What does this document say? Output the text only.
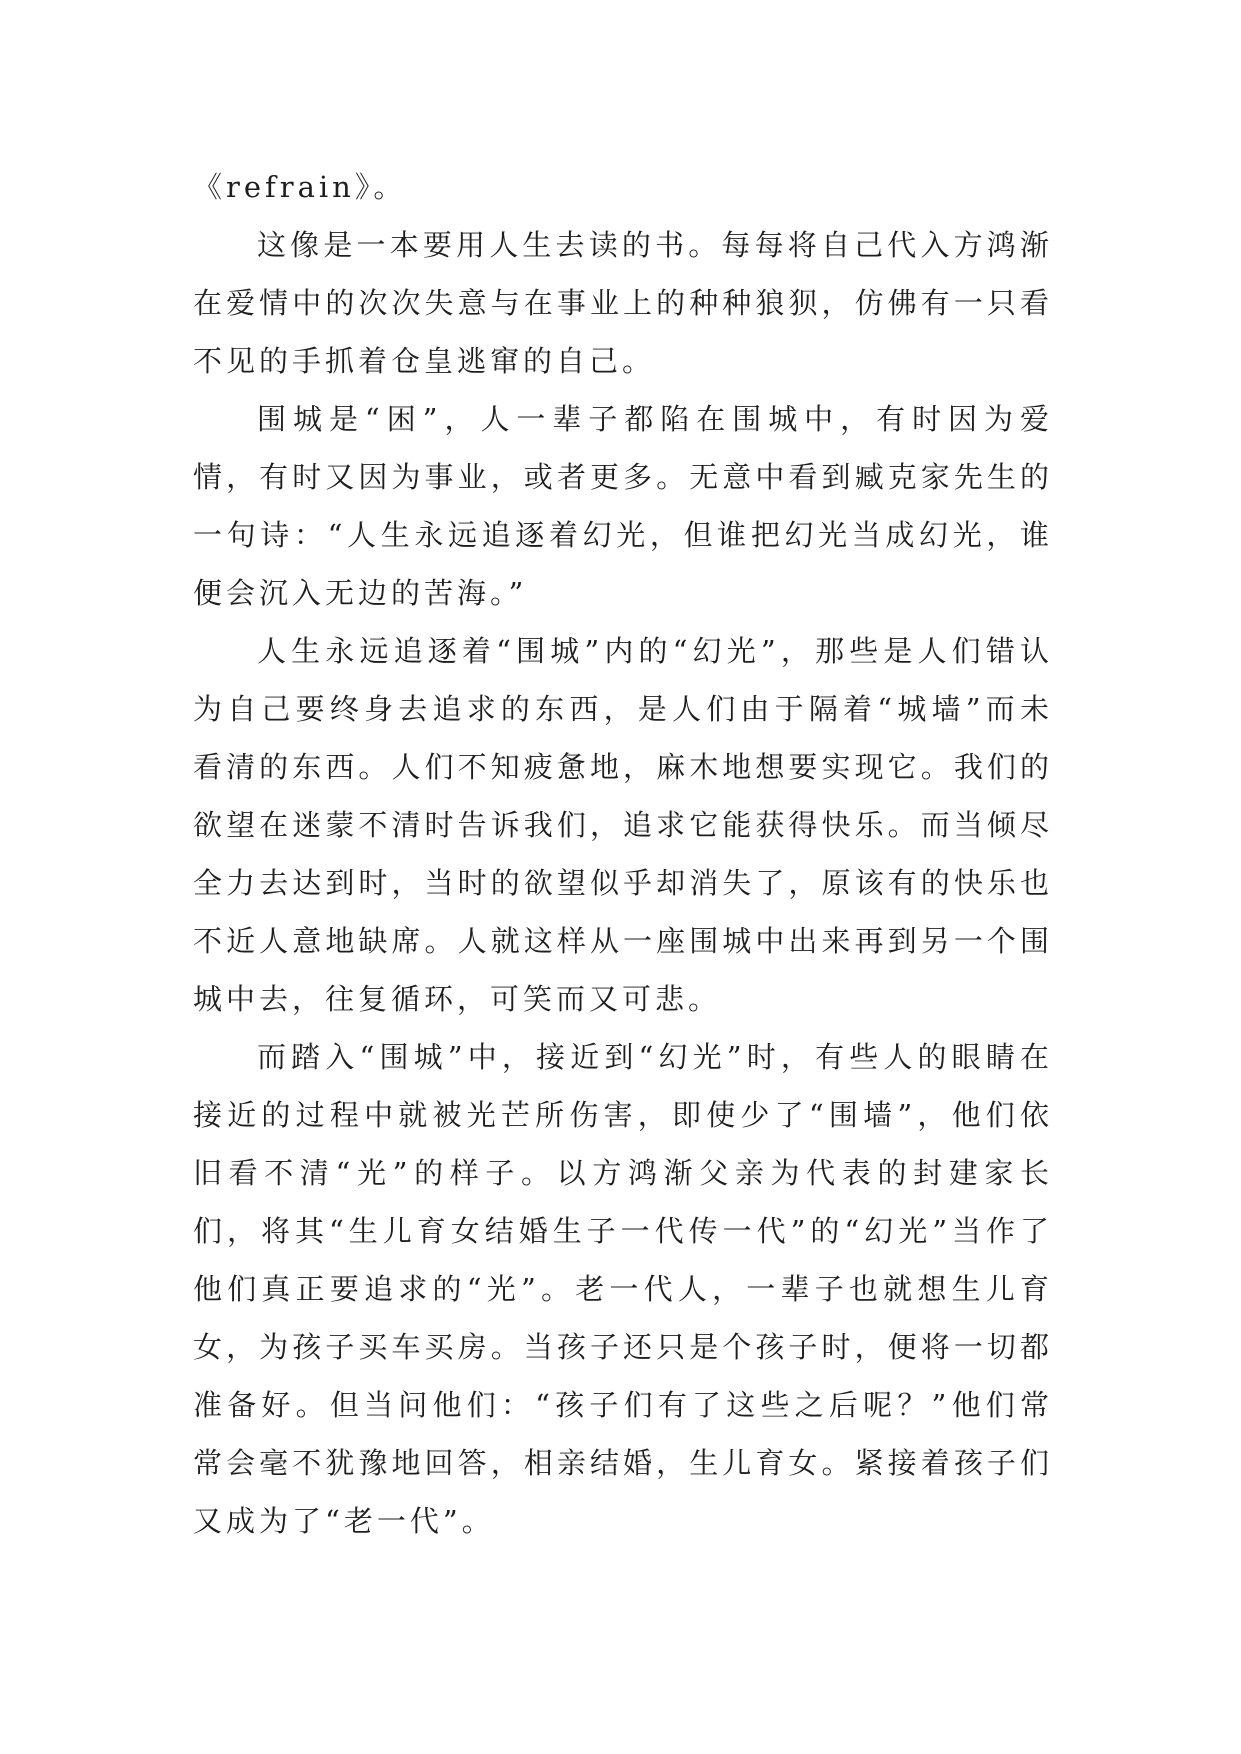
《refrain》。

这像是一本要用人生去读的书。每每将自己代入方鸿渐在爱情中的次次失意与在事业上的种种狼狈，仿佛有一只看不见的手抓着仓皇逃窜的自己。

围城是“困”，人一辈子都陷在围城中，有时因为爱情，有时又因为事业，或者更多。无意中看到臧克家先生的一句诗：“人生永远追逐着幻光，但谁把幻光当成幻光，谁便会沉入无边的苦海。”

人生永远追逐着“围城”内的“幻光”，那些是人们错认为自己要终身去追求的东西，是人们由于隔着“城墙”而未看清的东西。人们不知疲惫地，麻木地想要实现它。我们的欲望在迷蒙不清时告诉我们，追求它能获得快乐。而当倾尽全力去达到时，当时的欲望似乎却消失了，原该有的快乐也不近人意地缺席。人就这样从一座围城中出来再到另一个围城中去，往复循环，可笑而又可悲。

而踏入“围城”中，接近到“幻光”时，有些人的眼睛在接近的过程中就被光芒所伤害，即使少了“围墙”，他们依旧看不清“光”的样子。以方鸿渐父亲为代表的封建家长们，将其“生儿育女结婚生子一代传一代”的“幻光”当作了他们真正要追求的“光”。老一代人，一辈子也就想生儿育女，为孩子买车买房。当孩子还只是个孩子时，便将一切都准备好。但当问他们：“孩子们有了这些之后呢？”他们常常会毫不犹豫地回答，相亲结婚，生儿育女。紧接着孩子们又成为了“老一代”。
